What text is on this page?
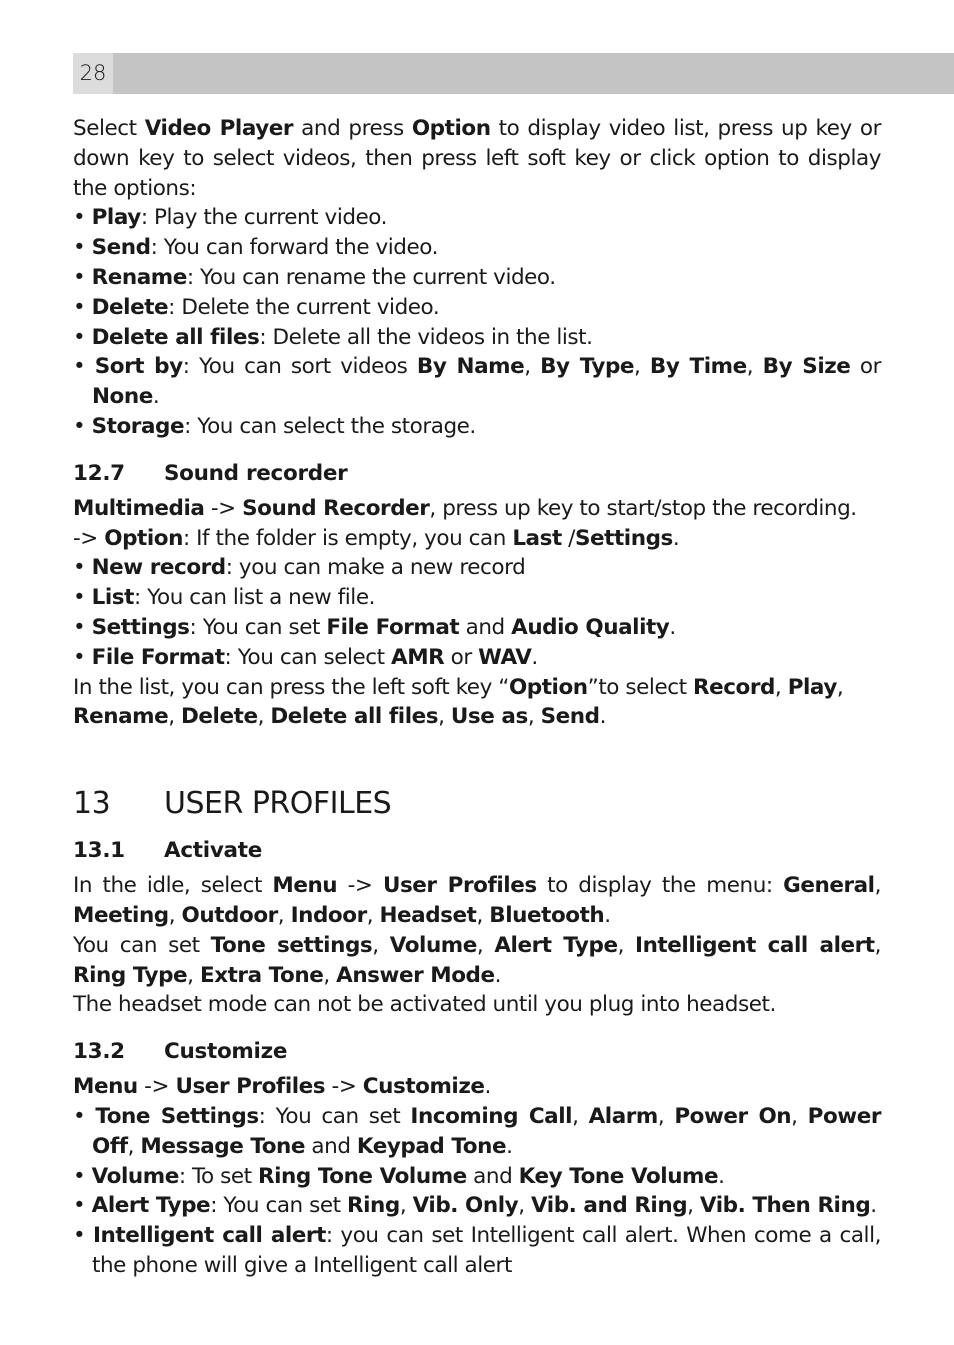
28

Select Video Player and press Option to display video list, press up key or down key to select videos, then press left soft key or click option to display the options:

• Play: Play the current video.

• Send: You can forward the video.

• Rename: You can rename the current video.

• Delete: Delete the current video.

• Delete all files: Delete all the videos in the list.

• Sort by: You can sort videos By Name, By Type, By Time, By Size or None.

• Storage: You can select the storage.

12.7 Sound recorder

Multimedia -> Sound Recorder, press up key to start/stop the recording.

-> Option: If the folder is empty, you can Last /Settings.

• New record: you can make a new record

• List: You can list a new file.

• Settings: You can set File Format and Audio Quality.

• File Format: You can select AMR or WAV.

In the list, you can press the left soft key “Option”to select Record, Play, Rename, Delete, Delete all files, Use as, Send.

13 USER PROFILES

13.1 Activate

In the idle, select Menu -> User Profiles to display the menu: General, Meeting, Outdoor, Indoor, Headset, Bluetooth.

You can set Tone settings, Volume, Alert Type, Intelligent call alert, Ring Type, Extra Tone, Answer Mode.

The headset mode can not be activated until you plug into headset.

13.2 Customize

Menu -> User Profiles -> Customize.

• Tone Settings: You can set Incoming Call, Alarm, Power On, Power Off, Message Tone and Keypad Tone.

• Volume: To set Ring Tone Volume and Key Tone Volume.

• Alert Type: You can set Ring, Vib. Only, Vib. and Ring, Vib. Then Ring.

• Intelligent call alert: you can set Intelligent call alert. When come a call, the phone will give a Intelligent call alert
